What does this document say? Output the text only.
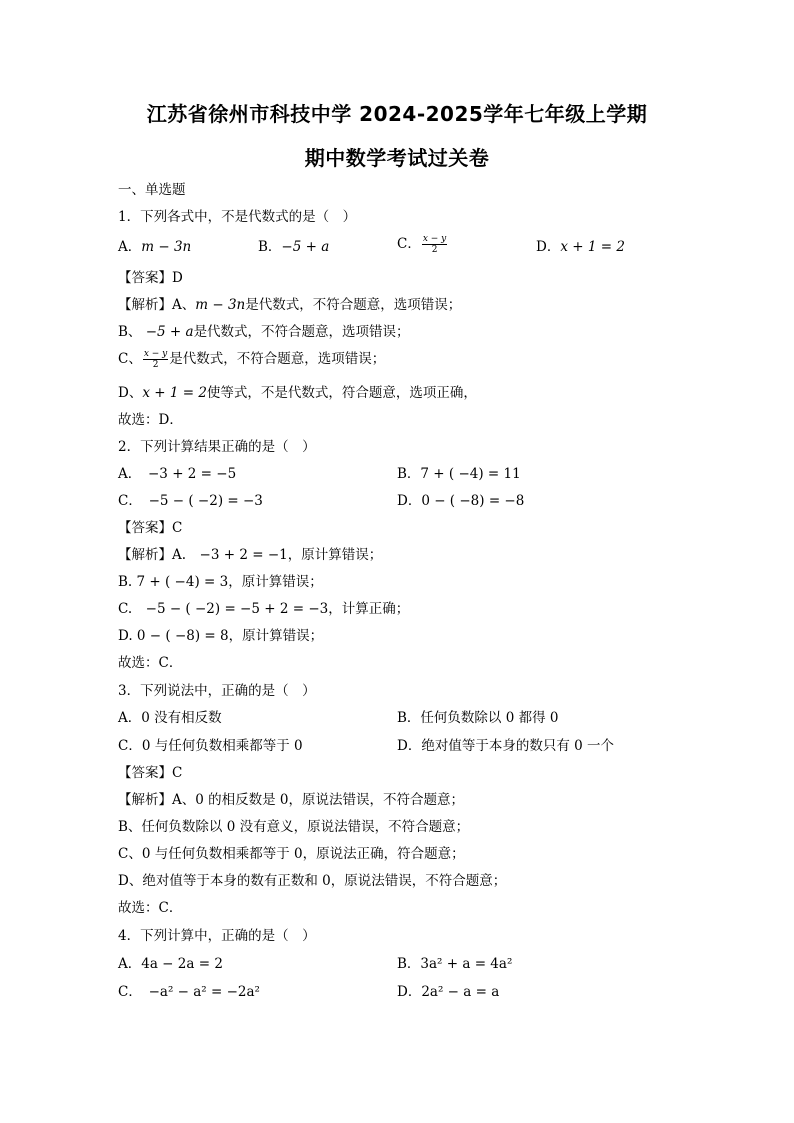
江苏省徐州市科技中学 2024-2025学年七年级上学期
期中数学考试过关卷
一、单选题
1．下列各式中，不是代数式的是（　）
A．m − 3n	B．−5 + a	C． $\frac{x - y}{2}$	D．x + 1 = 2
【答案】D
【解析】A、m − 3n是代数式，不符合题意，选项错误；
B、 −5 + a是代数式，不符合题意，选项错误；
C、 $\frac{x - y}{2}$ 是代数式，不符合题意，选项错误；
D、x + 1 = 2使等式，不是代数式，符合题意，选项正确，
故选：D．
2．下列计算结果正确的是（　）
A．　−3 + 2 = −5	B．7 + ( −4) = 11
C．　−5 − ( −2) = −3	D．0 − ( −8) = −8
【答案】C
【解析】A.　−3 + 2 = −1，原计算错误；
B. 7 + ( −4) = 3，原计算错误；
C.　−5 − ( −2) = −5 + 2 = −3，计算正确；
D. 0 − ( −8) = 8，原计算错误；
故选：C．
3．下列说法中，正确的是（　）
A．0 没有相反数	B．任何负数除以 0 都得 0
C．0 与任何负数相乘都等于 0	D．绝对值等于本身的数只有 0 一个
【答案】C
【解析】A、0 的相反数是 0，原说法错误，不符合题意；
B、任何负数除以 0 没有意义，原说法错误，不符合题意；
C、0 与任何负数相乘都等于 0，原说法正确，符合题意；
D、绝对值等于本身的数有正数和 0，原说法错误，不符合题意；
故选：C．
4．下列计算中，正确的是（　）
A．4a − 2a = 2	B．3a² + a = 4a²
C．　−a² − a² = −2a²	D．2a² − a = a
